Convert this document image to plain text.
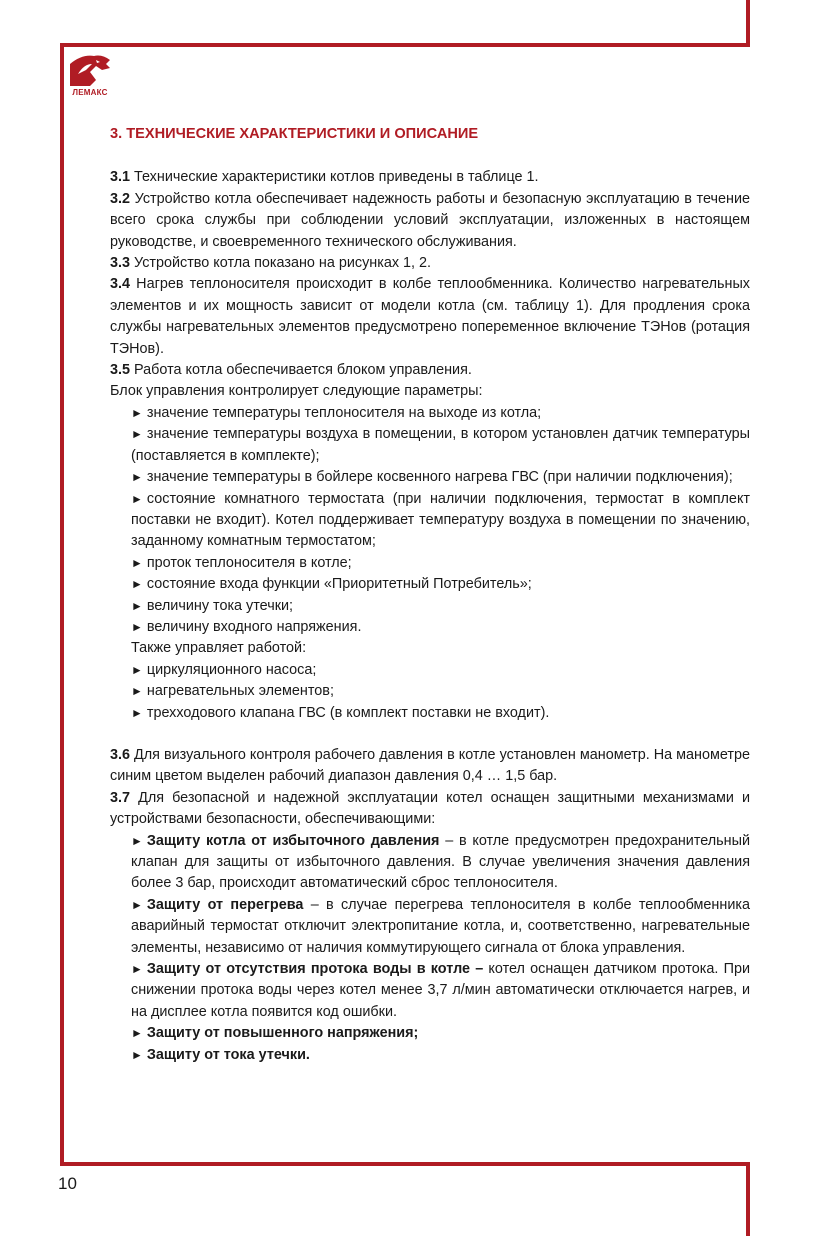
ЛЕМАКС
3. ТЕХНИЧЕСКИЕ ХАРАКТЕРИСТИКИ И ОПИСАНИЕ
3.1 Технические характеристики котлов приведены в таблице 1.
3.2 Устройство котла обеспечивает надежность работы и безопасную эксплуатацию в течение всего срока службы при соблюдении условий эксплуатации, изложенных в настоящем руководстве, и своевременного технического обслуживания.
3.3 Устройство котла показано на рисунках 1, 2.
3.4 Нагрев теплоносителя происходит в колбе теплообменника. Количество нагревательных элементов и их мощность зависит от модели котла (см. таблицу 1). Для продления срока службы нагревательных элементов предусмотрено попеременное включение ТЭНов (ротация ТЭНов).
3.5 Работа котла обеспечивается блоком управления.
Блок управления контролирует следующие параметры:
► значение температуры теплоносителя на выходе из котла;
► значение температуры воздуха в помещении, в котором установлен датчик температуры (поставляется в комплекте);
► значение температуры в бойлере косвенного нагрева ГВС (при наличии подключения);
► состояние комнатного термостата (при наличии подключения, термостат в комплект поставки не входит). Котел поддерживает температуру воздуха в помещении по значению, заданному комнатным термостатом;
► проток теплоносителя в котле;
► состояние входа функции «Приоритетный Потребитель»;
► величину тока утечки;
► величину входного напряжения.
Также управляет работой:
► циркуляционного насоса;
► нагревательных элементов;
► трехходового клапана ГВС (в комплект поставки не входит).
3.6 Для визуального контроля рабочего давления в котле установлен манометр. На манометре синим цветом выделен рабочий диапазон давления 0,4 … 1,5 бар.
3.7 Для безопасной и надежной эксплуатации котел оснащен защитными механизмами и устройствами безопасности, обеспечивающими:
► Защиту котла от избыточного давления – в котле предусмотрен предохранительный клапан для защиты от избыточного давления. В случае увеличения значения давления более 3 бар, происходит автоматический сброс теплоносителя.
► Защиту от перегрева – в случае перегрева теплоносителя в колбе теплообменника аварийный термостат отключит электропитание котла, и, соответственно, нагревательные элементы, независимо от наличия коммутирующего сигнала от блока управления.
► Защиту от отсутствия протока воды в котле – котел оснащен датчиком протока. При снижении протока воды через котел менее 3,7 л/мин автоматически отключается нагрев, и на дисплее котла появится код ошибки.
► Защиту от повышенного напряжения;
► Защиту от тока утечки.
10
